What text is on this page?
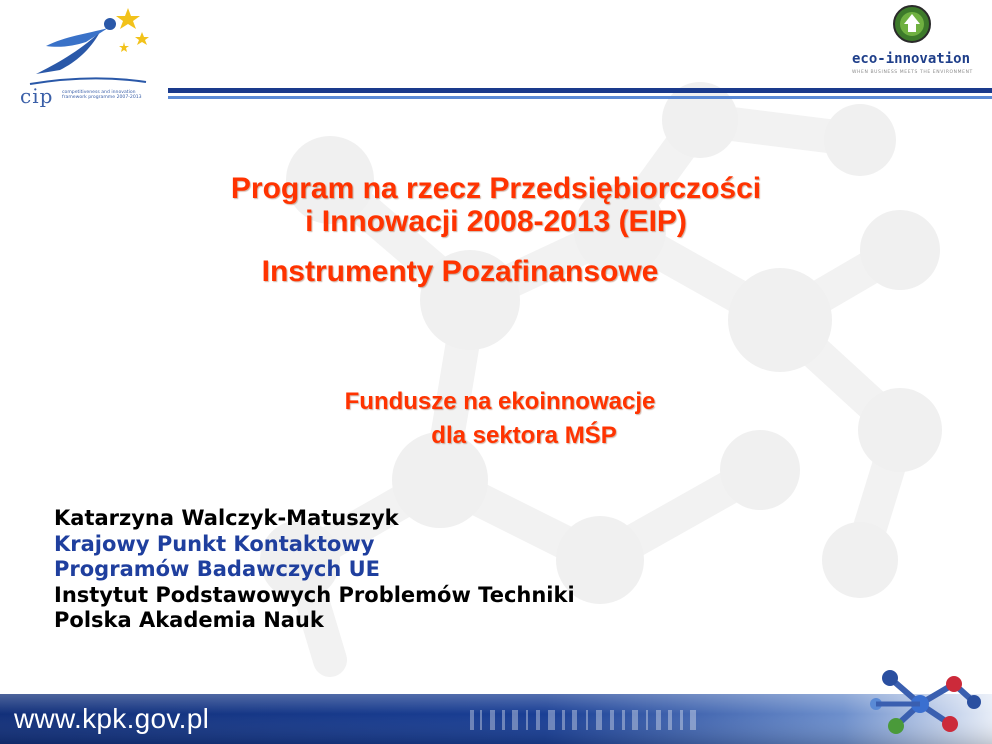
cip competitiveness and innovation framework programme 2007-2013
eco-innovation
WHEN BUSINESS MEETS THE ENVIRONMENT
Program na rzecz Przedsiębiorczości
i Innowacji 2008-2013 (EIP)
Instrumenty Pozafinansowe
Fundusze na ekoinnowacje
dla sektora MŚP
Katarzyna Walczyk-Matuszyk
Krajowy Punkt Kontaktowy
Programów Badawczych UE
Instytut Podstawowych Problemów Techniki
Polska Akademia Nauk
www.kpk.gov.pl
